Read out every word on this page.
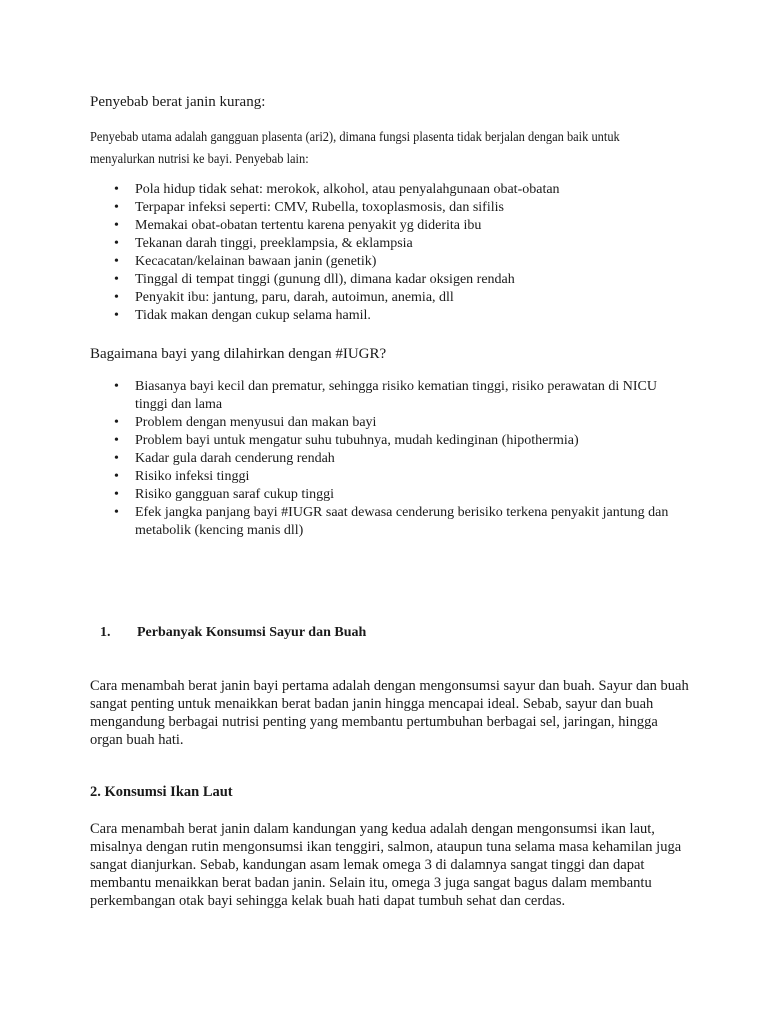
Penyebab berat janin kurang:

Penyebab utama adalah gangguan plasenta (ari2), dimana fungsi plasenta tidak berjalan dengan baik untuk menyalurkan nutrisi ke bayi. Penyebab lain:

• Pola hidup tidak sehat: merokok, alkohol, atau penyalahgunaan obat-obatan
• Terpapar infeksi seperti: CMV, Rubella, toxoplasmosis, dan sifilis
• Memakai obat-obatan tertentu karena penyakit yg diderita ibu
• Tekanan darah tinggi, preeklampsia, & eklampsia
• Kecacatan/kelainan bawaan janin (genetik)
• Tinggal di tempat tinggi (gunung dll), dimana kadar oksigen rendah
• Penyakit ibu: jantung, paru, darah, autoimun, anemia, dll
• Tidak makan dengan cukup selama hamil.

Bagaimana bayi yang dilahirkan dengan #IUGR?

• Biasanya bayi kecil dan prematur, sehingga risiko kematian tinggi, risiko perawatan di NICU tinggi dan lama
• Problem dengan menyusui dan makan bayi
• Problem bayi untuk mengatur suhu tubuhnya, mudah kedinginan (hipothermia)
• Kadar gula darah cenderung rendah
• Risiko infeksi tinggi
• Risiko gangguan saraf cukup tinggi
• Efek jangka panjang bayi #IUGR saat dewasa cenderung berisiko terkena penyakit jantung dan metabolik (kencing manis dll)
1. Perbanyak Konsumsi Sayur dan Buah

Cara menambah berat janin bayi pertama adalah dengan mengonsumsi sayur dan buah. Sayur dan buah sangat penting untuk menaikkan berat badan janin hingga mencapai ideal. Sebab, sayur dan buah mengandung berbagai nutrisi penting yang membantu pertumbuhan berbagai sel, jaringan, hingga organ buah hati.

2. Konsumsi Ikan Laut

Cara menambah berat janin dalam kandungan yang kedua adalah dengan mengonsumsi ikan laut, misalnya dengan rutin mengonsumsi ikan tenggiri, salmon, ataupun tuna selama masa kehamilan juga sangat dianjurkan. Sebab, kandungan asam lemak omega 3 di dalamnya sangat tinggi dan dapat membantu menaikkan berat badan janin. Selain itu, omega 3 juga sangat bagus dalam membantu perkembangan otak bayi sehingga kelak buah hati dapat tumbuh sehat dan cerdas.
